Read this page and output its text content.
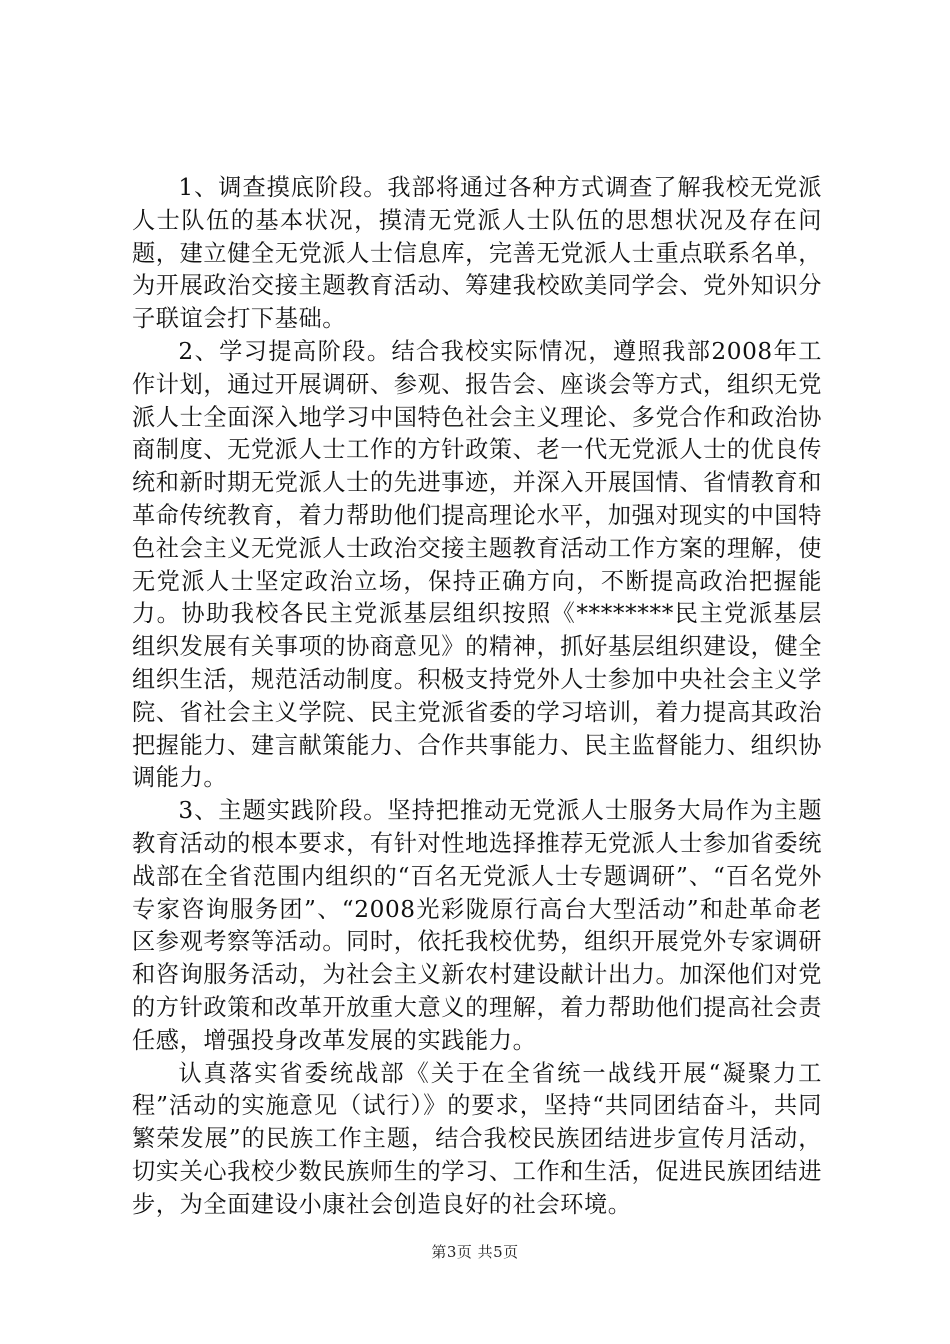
1、调查摸底阶段。我部将通过各种方式调查了解我校无党派人士队伍的基本状况，摸清无党派人士队伍的思想状况及存在问题，建立健全无党派人士信息库，完善无党派人士重点联系名单，为开展政治交接主题教育活动、筹建我校欧美同学会、党外知识分子联谊会打下基础。

2、学习提高阶段。结合我校实际情况，遵照我部2008年工作计划，通过开展调研、参观、报告会、座谈会等方式，组织无党派人士全面深入地学习中国特色社会主义理论、多党合作和政治协商制度、无党派人士工作的方针政策、老一代无党派人士的优良传统和新时期无党派人士的先进事迹，并深入开展国情、省情教育和革命传统教育，着力帮助他们提高理论水平，加强对现实的中国特色社会主义无党派人士政治交接主题教育活动工作方案的理解，使无党派人士坚定政治立场，保持正确方向，不断提高政治把握能力。协助我校各民主党派基层组织按照《********民主党派基层组织发展有关事项的协商意见》的精神，抓好基层组织建设，健全组织生活，规范活动制度。积极支持党外人士参加中央社会主义学院、省社会主义学院、民主党派省委的学习培训，着力提高其政治把握能力、建言献策能力、合作共事能力、民主监督能力、组织协调能力。

3、主题实践阶段。坚持把推动无党派人士服务大局作为主题教育活动的根本要求，有针对性地选择推荐无党派人士参加省委统战部在全省范围内组织的“百名无党派人士专题调研”、“百名党外专家咨询服务团”、“2008光彩陇原行高台大型活动”和赴革命老区参观考察等活动。同时，依托我校优势，组织开展党外专家调研和咨询服务活动，为社会主义新农村建设献计出力。加深他们对党的方针政策和改革开放重大意义的理解，着力帮助他们提高社会责任感，增强投身改革发展的实践能力。

认真落实省委统战部《关于在全省统一战线开展“凝聚力工程”活动的实施意见（试行）》的要求，坚持“共同团结奋斗，共同繁荣发展”的民族工作主题，结合我校民族团结进步宣传月活动，切实关心我校少数民族师生的学习、工作和生活，促进民族团结进步，为全面建设小康社会创造良好的社会环境。

第3页 共5页
